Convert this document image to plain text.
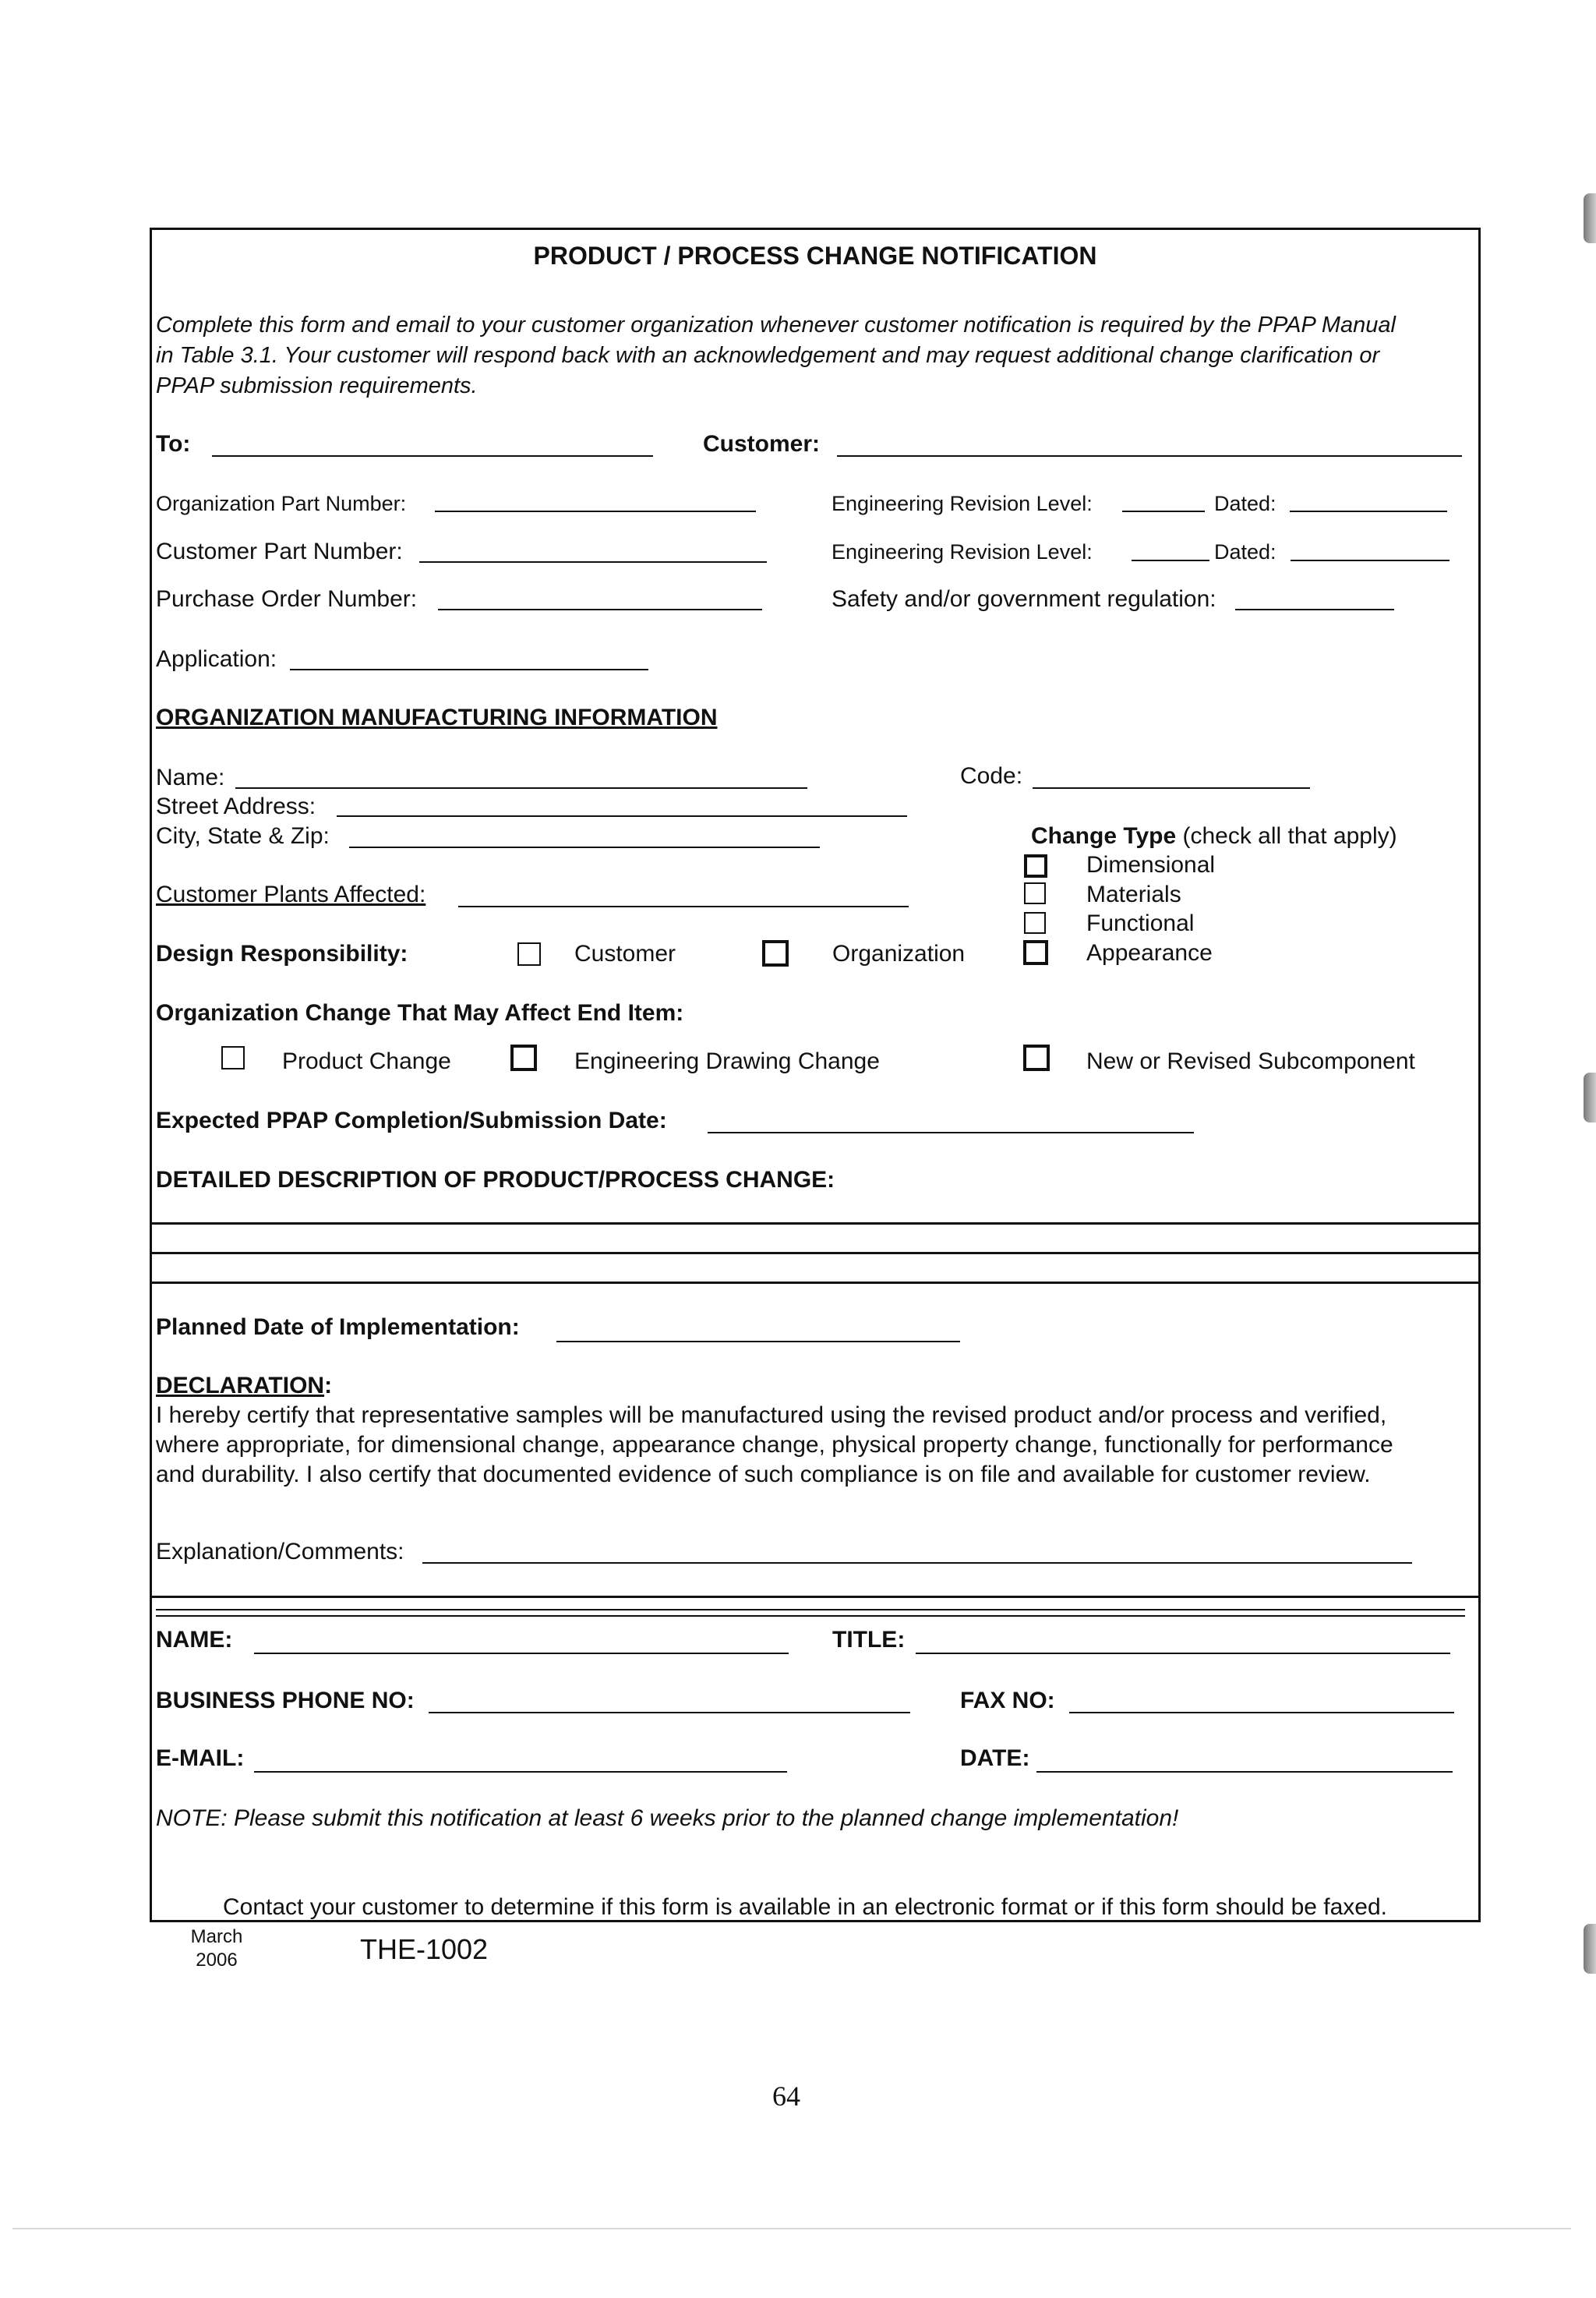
PRODUCT / PROCESS CHANGE NOTIFICATION
Complete this form and email to your customer organization whenever customer notification is required by the PPAP Manual in Table 3.1. Your customer will respond back with an acknowledgement and may request additional change clarification or PPAP submission requirements.
To:	Customer:
Organization Part Number:	Engineering Revision Level:	Dated:
Customer Part Number:	Engineering Revision Level:	Dated:
Purchase Order Number:	Safety and/or government regulation:
Application:
ORGANIZATION MANUFACTURING INFORMATION
Name:	Code:
Street Address:
City, State & Zip:	Change Type (check all that apply)
Dimensional
Materials
Functional
Appearance
Customer Plants Affected:
Design Responsibility:	Customer	Organization
Organization Change That May Affect End Item:
Product Change	Engineering Drawing Change	New or Revised Subcomponent
Expected PPAP Completion/Submission Date:
DETAILED DESCRIPTION OF PRODUCT/PROCESS CHANGE:
Planned Date of Implementation:
DECLARATION:
I hereby certify that representative samples will be manufactured using the revised product and/or process and verified, where appropriate, for dimensional change, appearance change, physical property change, functionally for performance and durability. I also certify that documented evidence of such compliance is on file and available for customer review.
Explanation/Comments:
NAME:	TITLE:
BUSINESS PHONE NO:	FAX NO:
E-MAIL:	DATE:
NOTE: Please submit this notification at least 6 weeks prior to the planned change implementation!
Contact your customer to determine if this form is available in an electronic format or if this form should be faxed.
March
2006	THE-1002
64
